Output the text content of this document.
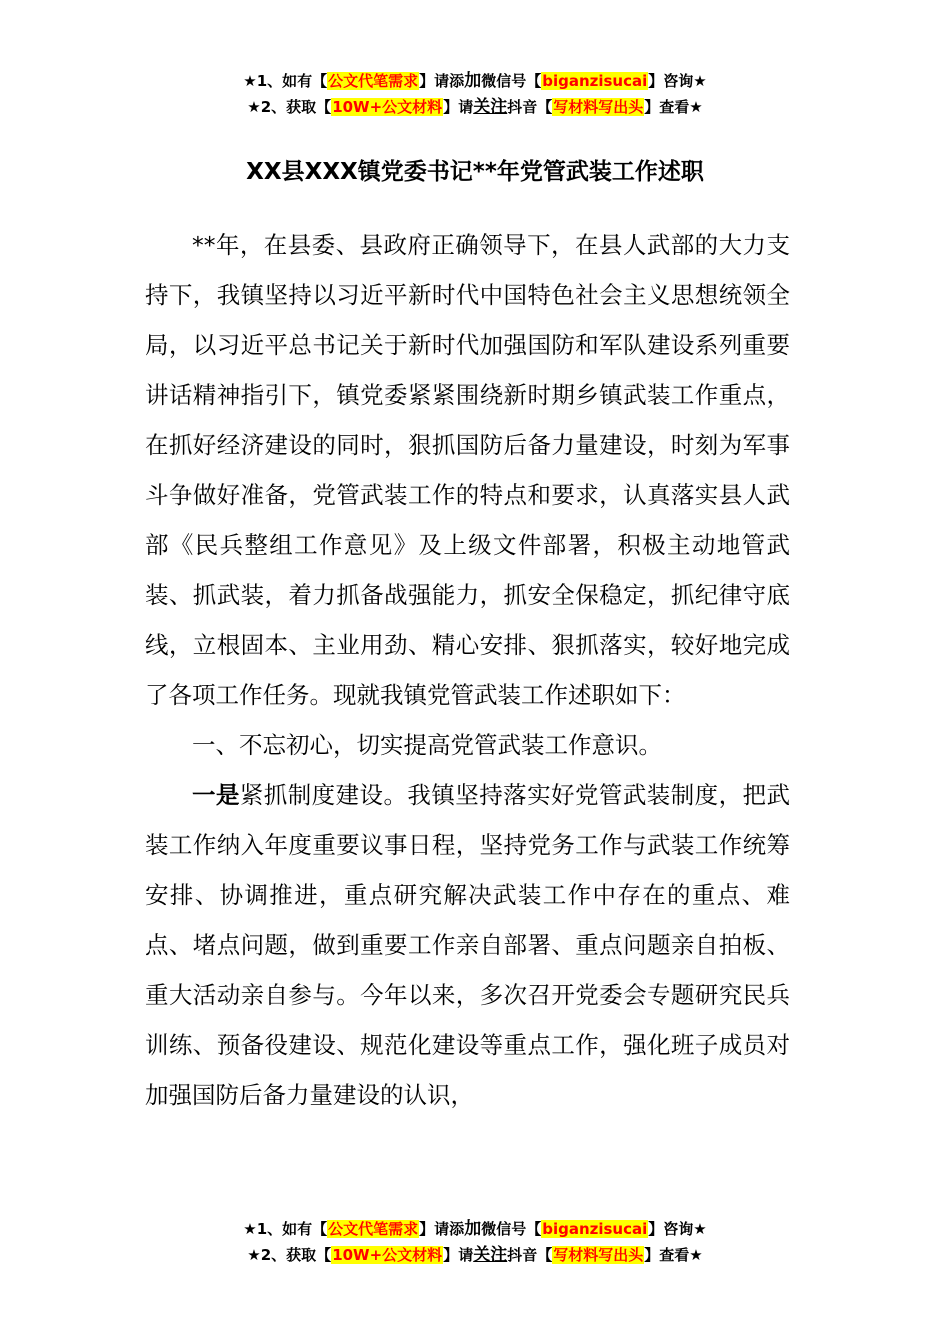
★1、如有【公文代笔需求】请添加微信号【biganzisucai】咨询★
★2、获取【10W+公文材料】请关注抖音【写材料写出头】查看★
XX县XXX镇党委书记**年党管武装工作述职

**年，在县委、县政府正确领导下，在县人武部的大力支持下，我镇坚持以习近平新时代中国特色社会主义思想统领全局，以习近平总书记关于新时代加强国防和军队建设系列重要讲话精神指引下，镇党委紧紧围绕新时期乡镇武装工作重点，在抓好经济建设的同时，狠抓国防后备力量建设，时刻为军事斗争做好准备，党管武装工作的特点和要求，认真落实县人武部《民兵整组工作意见》及上级文件部署，积极主动地管武装、抓武装，着力抓备战强能力，抓安全保稳定，抓纪律守底线，立根固本、主业用劲、精心安排、狠抓落实，较好地完成了各项工作任务。现就我镇党管武装工作述职如下：

一、不忘初心，切实提高党管武装工作意识。

一是紧抓制度建设。我镇坚持落实好党管武装制度，把武装工作纳入年度重要议事日程，坚持党务工作与武装工作统筹安排、协调推进，重点研究解决武装工作中存在的重点、难点、堵点问题，做到重要工作亲自部署、重点问题亲自拍板、重大活动亲自参与。今年以来，多次召开党委会专题研究民兵训练、预备役建设、规范化建设等重点工作，强化班子成员对加强国防后备力量建设的认识，

★1、如有【公文代笔需求】请添加微信号【biganzisucai】咨询★
★2、获取【10W+公文材料】请关注抖音【写材料写出头】查看★
